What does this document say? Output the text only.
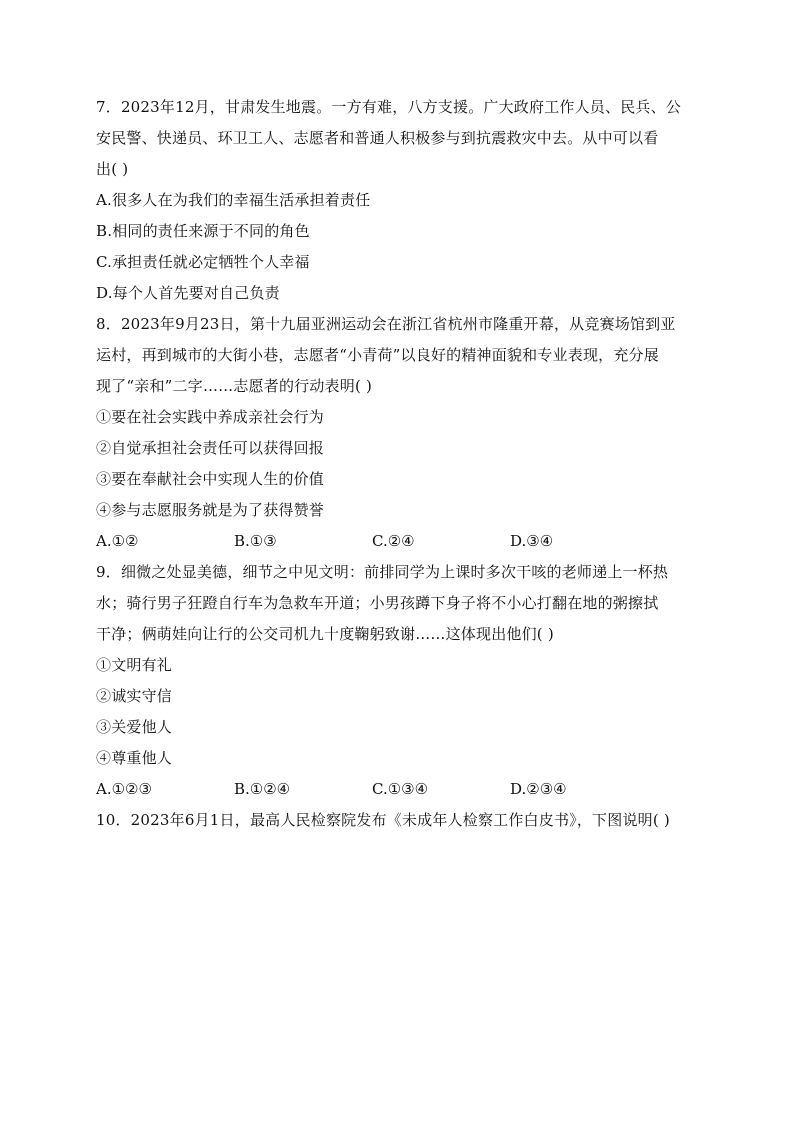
7．2023年12月，甘肃发生地震。一方有难，八方支援。广大政府工作人员、民兵、公
安民警、快递员、环卫工人、志愿者和普通人积极参与到抗震救灾中去。从中可以看
出( )
A.很多人在为我们的幸福生活承担着责任
B.相同的责任来源于不同的角色
C.承担责任就必定牺牲个人幸福
D.每个人首先要对自己负责
8．2023年9月23日，第十九届亚洲运动会在浙江省杭州市隆重开幕，从竞赛场馆到亚
运村，再到城市的大街小巷，志愿者“小青荷”以良好的精神面貌和专业表现，充分展
现了“亲和”二字……志愿者的行动表明( )
①要在社会实践中养成亲社会行为
②自觉承担社会责任可以获得回报
③要在奉献社会中实现人生的价值
④参与志愿服务就是为了获得赞誉
A.①②	B.①③	C.②④	D.③④
9．细微之处显美德，细节之中见文明：前排同学为上课时多次干咳的老师递上一杯热
水；骑行男子狂蹬自行车为急救车开道；小男孩蹲下身子将不小心打翻在地的粥擦拭
干净；俩萌娃向让行的公交司机九十度鞠躬致谢……这体现出他们( )
①文明有礼
②诚实守信
③关爱他人
④尊重他人
A.①②③	B.①②④	C.①③④	D.②③④
10．2023年6月1日，最高人民检察院发布《未成年人检察工作白皮书》，下图说明( )
